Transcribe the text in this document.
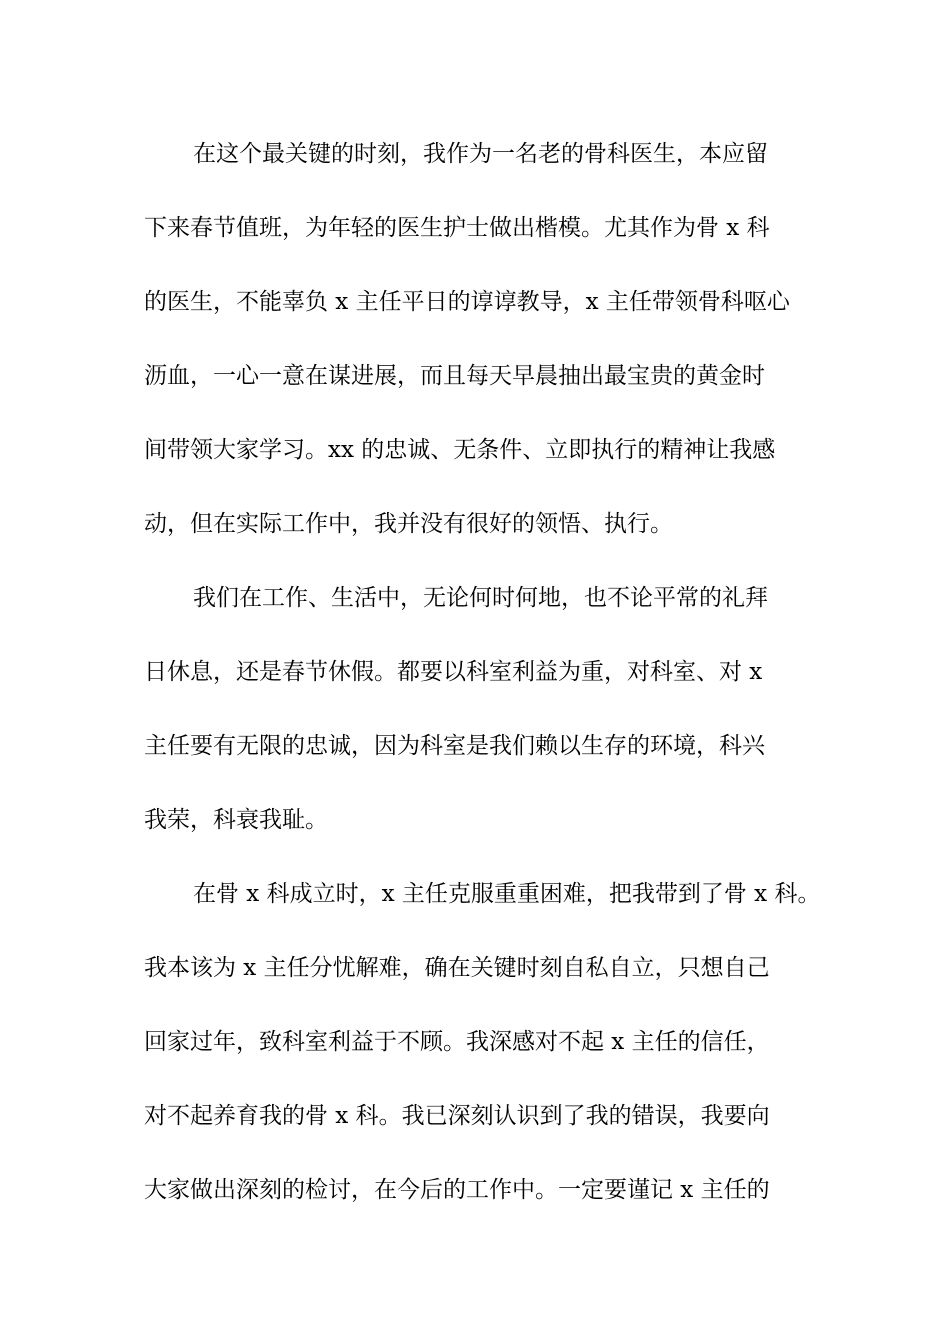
在这个最关键的时刻，我作为一名老的骨科医生，本应留
下来春节值班，为年轻的医生护士做出楷模。尤其作为骨 x 科
的医生，不能辜负 x 主任平日的谆谆教导，x 主任带领骨科呕心
沥血，一心一意在谋进展，而且每天早晨抽出最宝贵的黄金时
间带领大家学习。xx 的忠诚、无条件、立即执行的精神让我感
动，但在实际工作中，我并没有很好的领悟、执行。
我们在工作、生活中，无论何时何地，也不论平常的礼拜
日休息，还是春节休假。都要以科室利益为重，对科室、对 x
主任要有无限的忠诚，因为科室是我们赖以生存的环境，科兴
我荣，科衰我耻。
在骨 x 科成立时，x 主任克服重重困难，把我带到了骨 x 科。
我本该为 x 主任分忧解难，确在关键时刻自私自立，只想自己
回家过年，致科室利益于不顾。我深感对不起 x 主任的信任，
对不起养育我的骨 x 科。我已深刻认识到了我的错误，我要向
大家做出深刻的检讨，在今后的工作中。一定要谨记 x 主任的
